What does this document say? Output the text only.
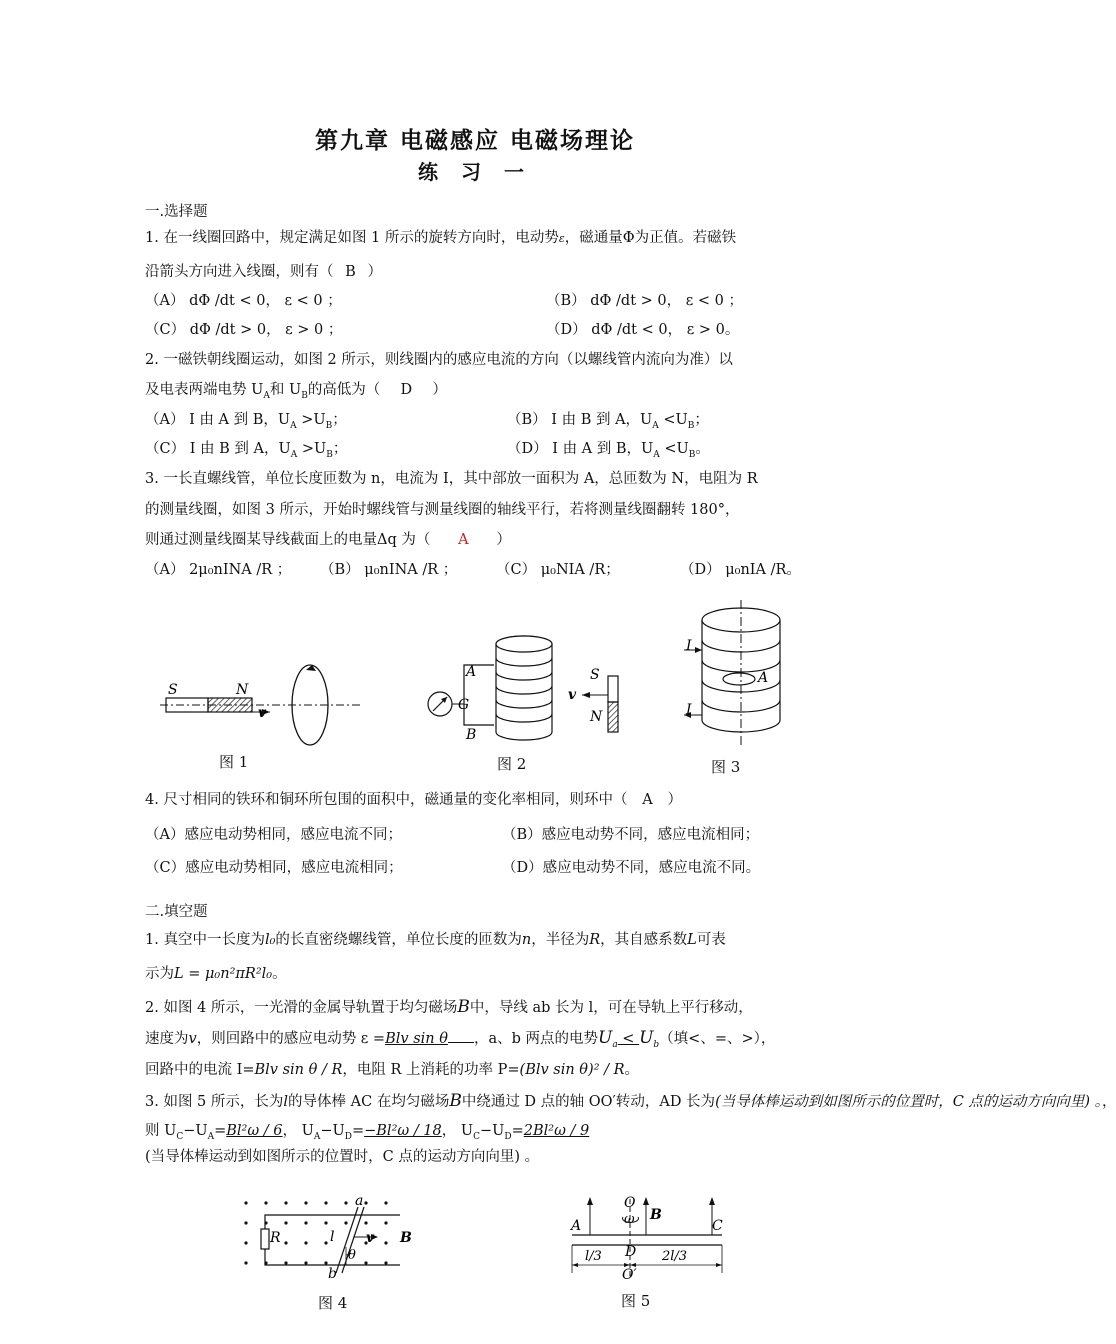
第九章 电磁感应 电磁场理论
练 习 一
一.选择题
1. 在一线圈回路中，规定满足如图 1 所示的旋转方向时，电动势ε，磁通量Φ为正值。若磁铁
沿箭头方向进入线圈，则有（ B ）
（A） dΦ /dt < 0， ε < 0 ；	（B） dΦ /dt > 0， ε < 0 ；
（C） dΦ /dt > 0， ε > 0 ；	（D） dΦ /dt < 0， ε > 0。
2. 一磁铁朝线圈运动，如图 2 所示，则线圈内的感应电流的方向（以螺线管内流向为准）以
及电表两端电势 $U_A$和 $U_B$的高低为（ D ）
（A） I 由 A 到 B，$U_A >U_B$；	（B） I 由 B 到 A，$U_A <U_B$；
（C） I 由 B 到 A，$U_A >U_B$；	（D） I 由 A 到 B，$U_A <U_B$。
3. 一长直螺线管，单位长度匝数为 n，电流为 I，其中部放一面积为 A，总匝数为 N，电阻为 R
的测量线圈，如图 3 所示，开始时螺线管与测量线圈的轴线平行，若将测量线圈翻转 180°，
则通过测量线圈某导线截面上的电量Δq 为（ A ）
（A） 2μ₀nINA /R ； （B） μ₀nINA /R ；	（C） μ₀NIA /R；	（D） μ₀nIA /R。
S	N
v
图 1
A
G
B
S
v
N
图 2
I
A
I
图 3
4. 尺寸相同的铁环和铜环所包围的面积中，磁通量的变化率相同，则环中（ A ）
（A）感应电动势相同，感应电流不同；	（B）感应电动势不同，感应电流相同；
（C）感应电动势相同，感应电流相同；	（D）感应电动势不同，感应电流不同。
二.填空题
1. 真空中一长度为l₀的长直密绕螺线管，单位长度的匝数为n，半径为R，其自感系数L可表
示为L = μ₀n²πR²l₀。
2. 如图 4 所示，一光滑的金属导轨置于均匀磁场B中，导线 ab 长为 l，可在导轨上平行移动，
速度为v，则回路中的感应电动势 ε =Blv sin θ ，a、b 两点的电势$U_a < U_b$（填<、=、>），
回路中的电流 I=Blv sin θ / R，电阻 R 上消耗的功率 P=(Blv sin θ)² / R。
3. 如图 5 所示，长为l的导体棒 AC 在均匀磁场B中绕通过 D 点的轴 OO′转动，AD 长为(当导体棒运动到如图所示的位置时，C 点的运动方向向里) 。，
则 $U_C-U_A=Bl^2\omega / 6$， $U_A-U_D=-Bl^2\omega / 18$， $U_C-U_D=2Bl^2\omega / 9$
(当导体棒运动到如图所示的位置时，C 点的运动方向向里) 。
a
R	l v B
θ
b
图 4
O
ω B
A	C
l/3 D 2l/3
O′
图 5
